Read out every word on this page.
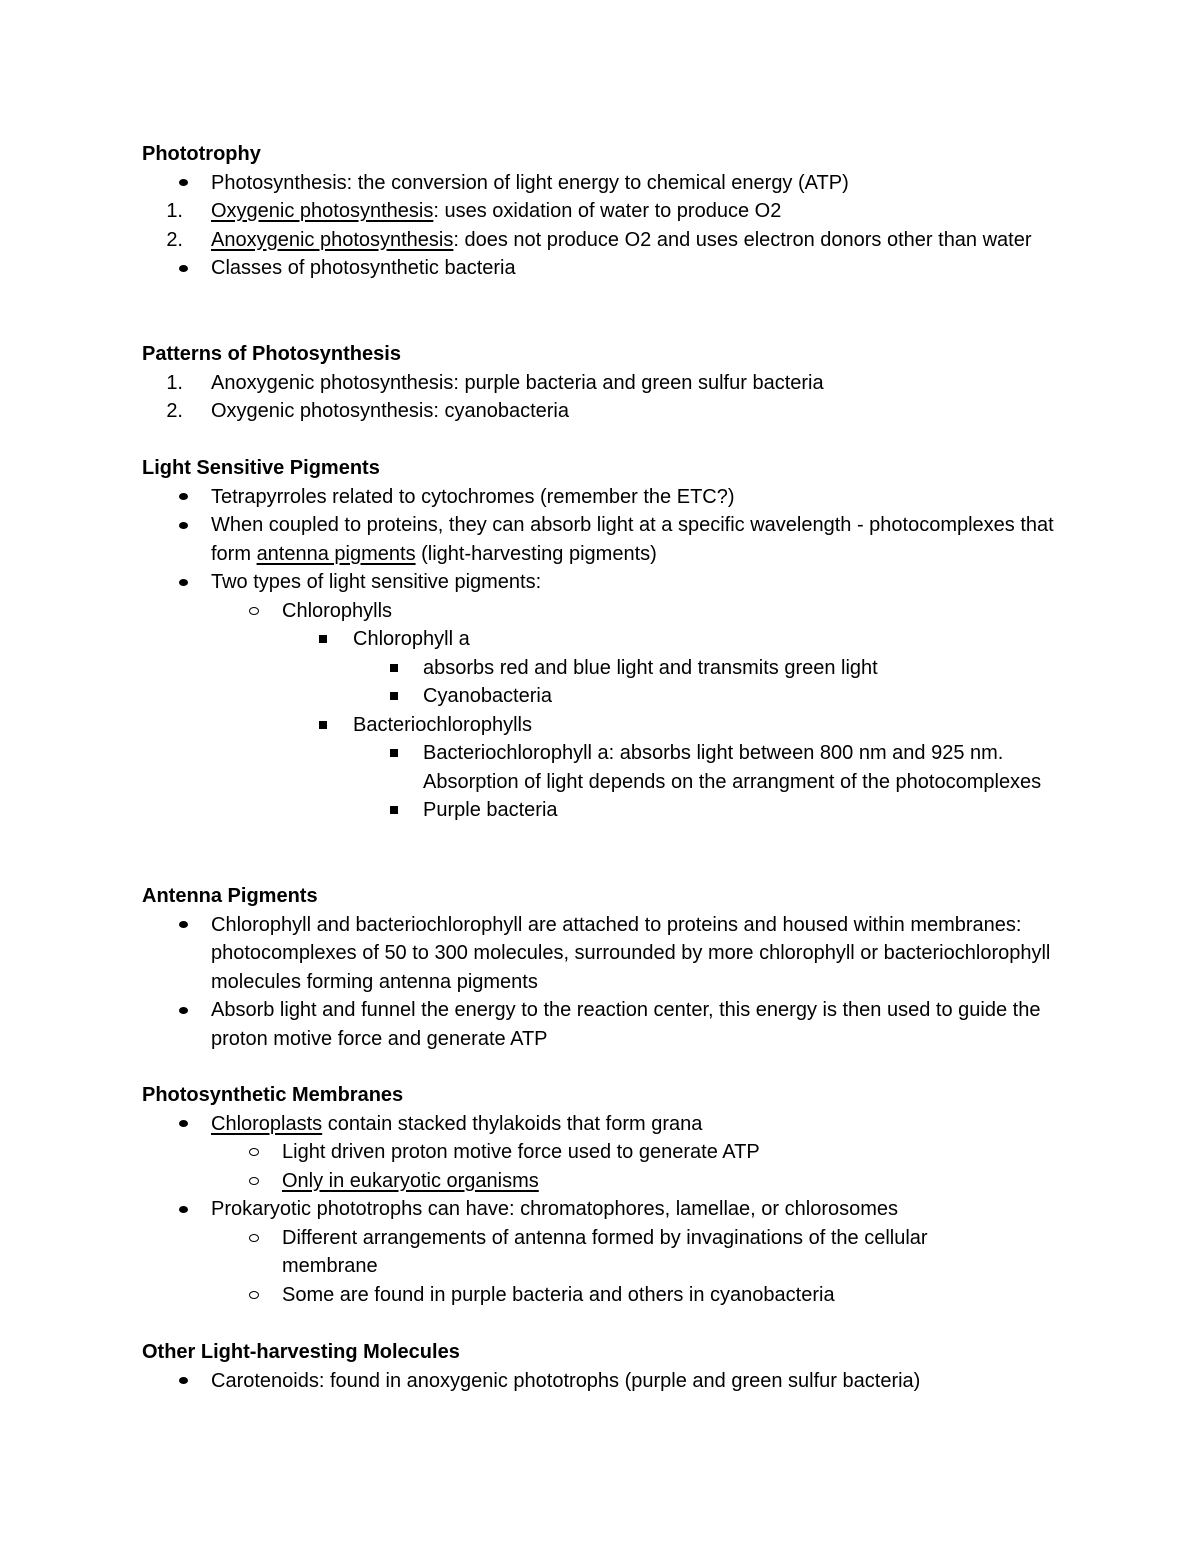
Phototrophy
Photosynthesis: the conversion of light energy to chemical energy (ATP)
1. Oxygenic photosynthesis: uses oxidation of water to produce O2
2. Anoxygenic photosynthesis: does not produce O2 and uses electron donors other than water
Classes of photosynthetic bacteria
Patterns of Photosynthesis
1. Anoxygenic photosynthesis: purple bacteria and green sulfur bacteria
2. Oxygenic photosynthesis: cyanobacteria
Light Sensitive Pigments
Tetrapyrroles related to cytochromes (remember the ETC?)
When coupled to proteins, they can absorb light at a specific wavelength - photocomplexes that form antenna pigments (light-harvesting pigments)
Two types of light sensitive pigments:
Chlorophylls
Chlorophyll a
absorbs red and blue light and transmits green light
Cyanobacteria
Bacteriochlorophylls
Bacteriochlorophyll a: absorbs light between 800 nm and 925 nm. Absorption of light depends on the arrangment of the photocomplexes
Purple bacteria
Antenna Pigments
Chlorophyll and bacteriochlorophyll are attached to proteins and housed within membranes: photocomplexes of 50 to 300 molecules, surrounded by more chlorophyll or bacteriochlorophyll molecules forming antenna pigments
Absorb light and funnel the energy to the reaction center, this energy is then used to guide the proton motive force and generate ATP
Photosynthetic Membranes
Chloroplasts contain stacked thylakoids that form grana
Light driven proton motive force used to generate ATP
Only in eukaryotic organisms
Prokaryotic phototrophs can have: chromatophores, lamellae, or chlorosomes
Different arrangements of antenna formed by invaginations of the cellular membrane
Some are found in purple bacteria and others in cyanobacteria
Other Light-harvesting Molecules
Carotenoids: found in anoxygenic phototrophs (purple and green sulfur bacteria)
